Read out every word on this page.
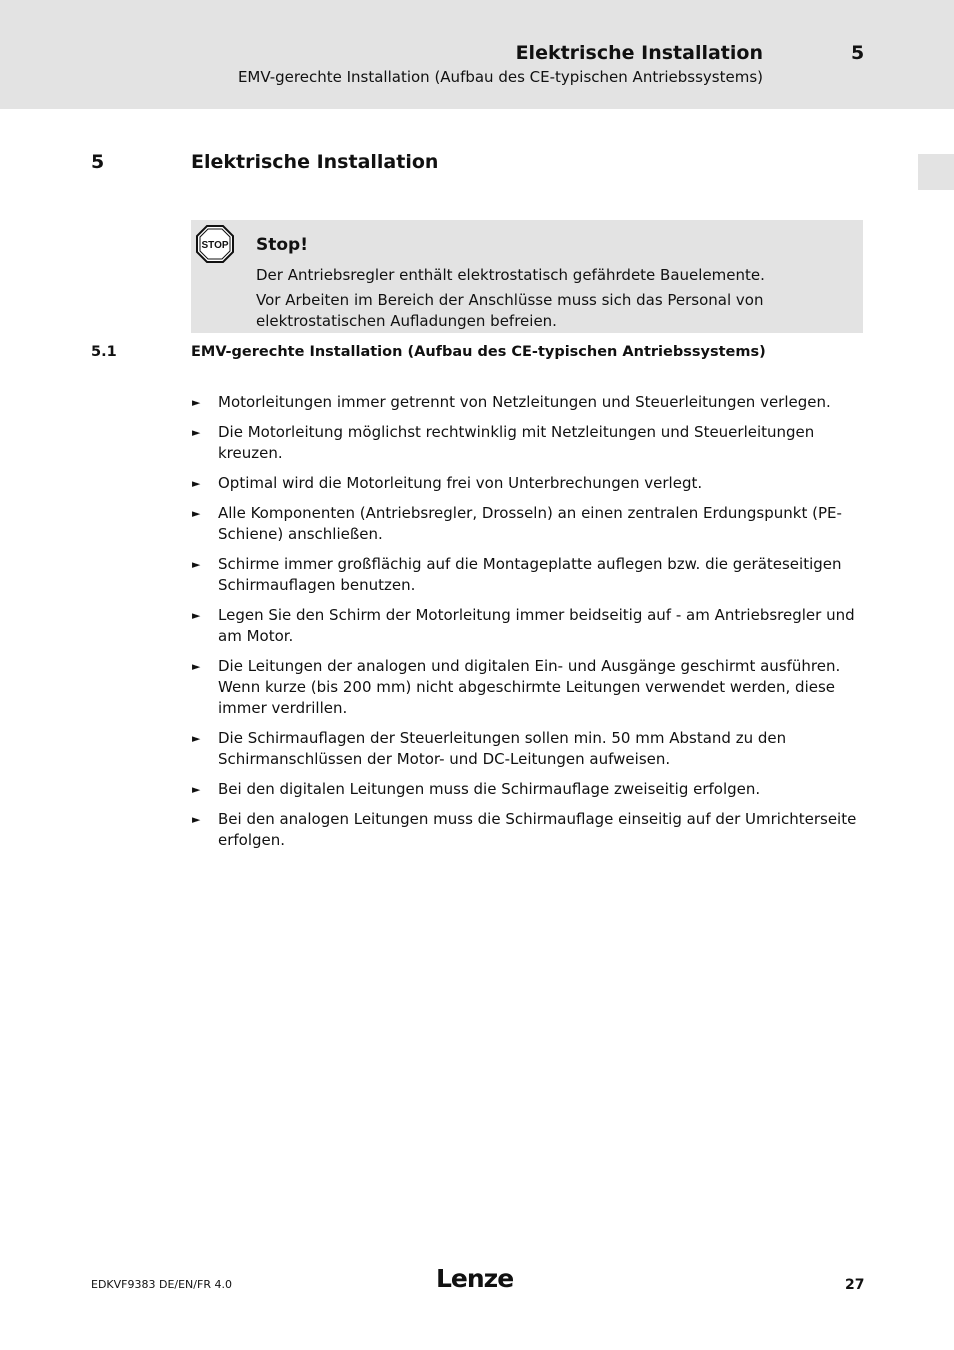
Elektrische Installation	5
EMV-gerechte Installation (Aufbau des CE-typischen Antriebssystems)
5	Elektrische Installation
STOP Stop!
Der Antriebsregler enthält elektrostatisch gefährdete Bauelemente.
Vor Arbeiten im Bereich der Anschlüsse muss sich das Personal von elektrostatischen Aufladungen befreien.
5.1	EMV-gerechte Installation (Aufbau des CE-typischen Antriebssystems)
► Motorleitungen immer getrennt von Netzleitungen und Steuerleitungen verlegen.
► Die Motorleitung möglichst rechtwinklig mit Netzleitungen und Steuerleitungen kreuzen.
► Optimal wird die Motorleitung frei von Unterbrechungen verlegt.
► Alle Komponenten (Antriebsregler, Drosseln) an einen zentralen Erdungspunkt (PE-Schiene) anschließen.
► Schirme immer großflächig auf die Montageplatte auflegen bzw. die geräteseitigen Schirmauflagen benutzen.
► Legen Sie den Schirm der Motorleitung immer beidseitig auf - am Antriebsregler und am Motor.
► Die Leitungen der analogen und digitalen Ein- und Ausgänge geschirmt ausführen. Wenn kurze (bis 200 mm) nicht abgeschirmte Leitungen verwendet werden, diese immer verdrillen.
► Die Schirmauflagen der Steuerleitungen sollen min. 50 mm Abstand zu den Schirmanschlüssen der Motor- und DC-Leitungen aufweisen.
► Bei den digitalen Leitungen muss die Schirmauflage zweiseitig erfolgen.
► Bei den analogen Leitungen muss die Schirmauflage einseitig auf der Umrichterseite erfolgen.
EDKVF9383 DE/EN/FR 4.0	Lenze	27
